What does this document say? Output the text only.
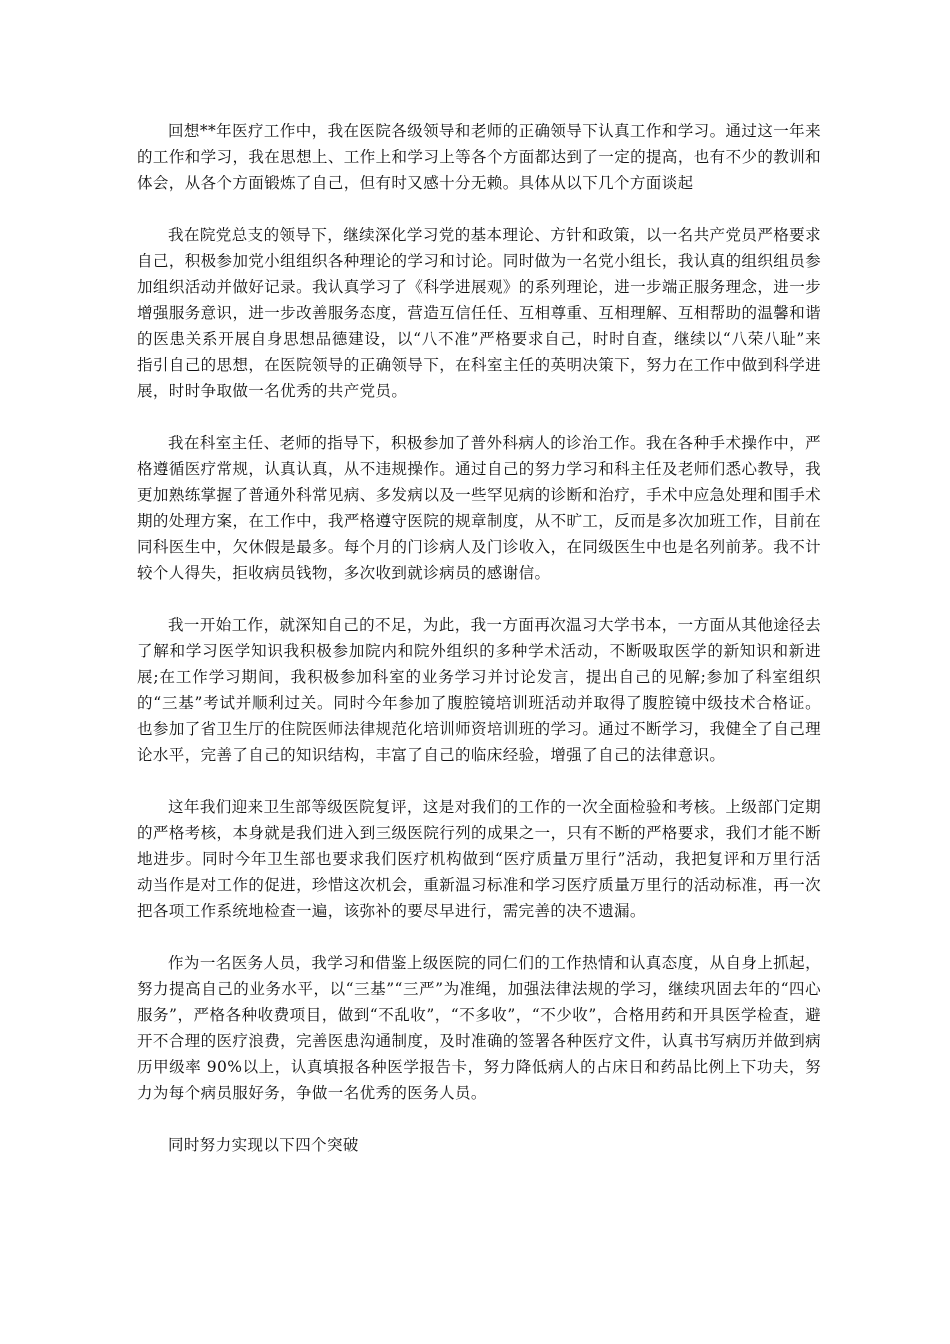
回想**年医疗工作中，我在医院各级领导和老师的正确领导下认真工作和学习。通过这一年来的工作和学习，我在思想上、工作上和学习上等各个方面都达到了一定的提高，也有不少的教训和体会，从各个方面锻炼了自己，但有时又感十分无赖。具体从以下几个方面谈起

我在院党总支的领导下，继续深化学习党的基本理论、方针和政策，以一名共产党员严格要求自己，积极参加党小组组织各种理论的学习和讨论。同时做为一名党小组长，我认真的组织组员参加组织活动并做好记录。我认真学习了《科学进展观》的系列理论，进一步端正服务理念，进一步增强服务意识，进一步改善服务态度，营造互信任任、互相尊重、互相理解、互相帮助的温馨和谐的医患关系开展自身思想品德建设，以“八不准”严格要求自己，时时自查，继续以“八荣八耻”来指引自己的思想，在医院领导的正确领导下，在科室主任的英明决策下，努力在工作中做到科学进展，时时争取做一名优秀的共产党员。

我在科室主任、老师的指导下，积极参加了普外科病人的诊治工作。我在各种手术操作中，严格遵循医疗常规，认真认真，从不违规操作。通过自己的努力学习和科主任及老师们悉心教导，我更加熟练掌握了普通外科常见病、多发病以及一些罕见病的诊断和治疗，手术中应急处理和围手术期的处理方案，在工作中，我严格遵守医院的规章制度，从不旷工，反而是多次加班工作，目前在同科医生中，欠休假是最多。每个月的门诊病人及门诊收入，在同级医生中也是名列前茅。我不计较个人得失，拒收病员钱物，多次收到就诊病员的感谢信。

我一开始工作，就深知自己的不足，为此，我一方面再次温习大学书本，一方面从其他途径去了解和学习医学知识我积极参加院内和院外组织的多种学术活动，不断吸取医学的新知识和新进展;在工作学习期间，我积极参加科室的业务学习并讨论发言，提出自己的见解;参加了科室组织的“三基”考试并顺利过关。同时今年参加了腹腔镜培训班活动并取得了腹腔镜中级技术合格证。也参加了省卫生厅的住院医师法律规范化培训师资培训班的学习。通过不断学习，我健全了自己理论水平，完善了自己的知识结构，丰富了自己的临床经验，增强了自己的法律意识。

这年我们迎来卫生部等级医院复评，这是对我们的工作的一次全面检验和考核。上级部门定期的严格考核，本身就是我们进入到三级医院行列的成果之一，只有不断的严格要求，我们才能不断地进步。同时今年卫生部也要求我们医疗机构做到“医疗质量万里行”活动，我把复评和万里行活动当作是对工作的促进，珍惜这次机会，重新温习标准和学习医疗质量万里行的活动标准，再一次把各项工作系统地检查一遍，该弥补的要尽早进行，需完善的决不遗漏。

作为一名医务人员，我学习和借鉴上级医院的同仁们的工作热情和认真态度，从自身上抓起，努力提高自己的业务水平，以“三基”“三严”为准绳，加强法律法规的学习，继续巩固去年的“四心服务”，严格各种收费项目，做到“不乱收”，“不多收”，“不少收”，合格用药和开具医学检查，避开不合理的医疗浪费，完善医患沟通制度，及时准确的签署各种医疗文件，认真书写病历并做到病历甲级率 90%以上，认真填报各种医学报告卡，努力降低病人的占床日和药品比例上下功夫，努力为每个病员服好务，争做一名优秀的医务人员。

同时努力实现以下四个突破
